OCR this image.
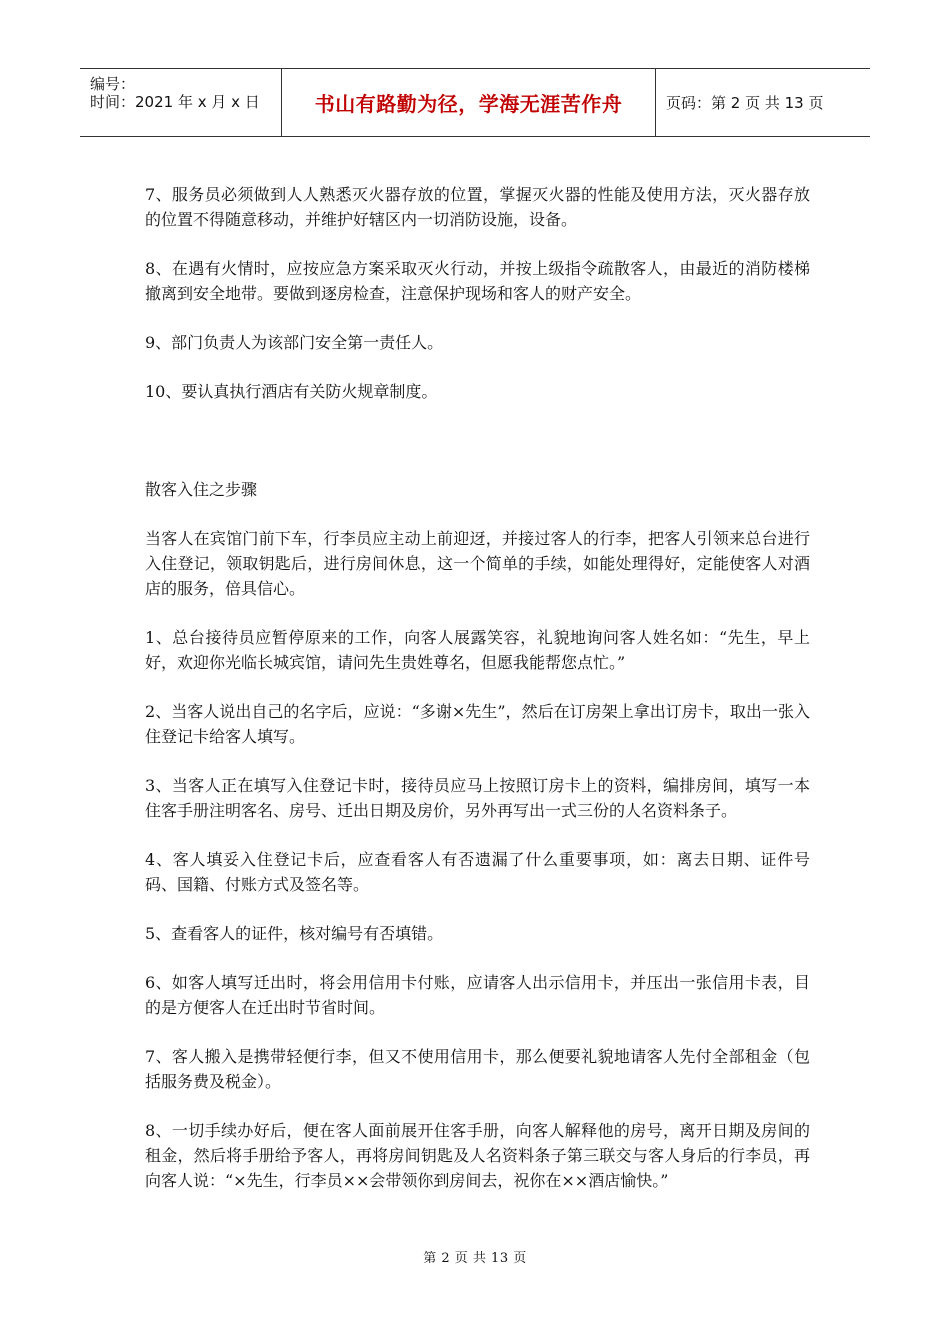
编号：
时间：2021 年 x 月 x 日	书山有路勤为径，学海无涯苦作舟	页码：第 2 页 共 13 页

7、服务员必须做到人人熟悉灭火器存放的位置，掌握灭火器的性能及使用方法，灭火器存放的位置不得随意移动，并维护好辖区内一切消防设施，设备。

8、在遇有火情时，应按应急方案采取灭火行动，并按上级指令疏散客人，由最近的消防楼梯撤离到安全地带。要做到逐房检查，注意保护现场和客人的财产安全。

9、部门负责人为该部门安全第一责任人。

10、要认真执行酒店有关防火规章制度。

散客入住之步骤

当客人在宾馆门前下车，行李员应主动上前迎迓，并接过客人的行李，把客人引领来总台进行入住登记，领取钥匙后，进行房间休息，这一个简单的手续，如能处理得好，定能使客人对酒店的服务，倍具信心。

1、总台接待员应暂停原来的工作，向客人展露笑容，礼貌地询问客人姓名如：“先生，早上好，欢迎你光临长城宾馆，请问先生贵姓尊名，但愿我能帮您点忙。”

2、当客人说出自己的名字后，应说：“多谢×先生”，然后在订房架上拿出订房卡，取出一张入住登记卡给客人填写。

3、当客人正在填写入住登记卡时，接待员应马上按照订房卡上的资料，编排房间，填写一本住客手册注明客名、房号、迁出日期及房价，另外再写出一式三份的人名资料条子。

4、客人填妥入住登记卡后，应查看客人有否遗漏了什么重要事项，如：离去日期、证件号码、国籍、付账方式及签名等。

5、查看客人的证件，核对编号有否填错。

6、如客人填写迁出时，将会用信用卡付账，应请客人出示信用卡，并压出一张信用卡表，目的是方便客人在迁出时节省时间。

7、客人搬入是携带轻便行李，但又不使用信用卡，那么便要礼貌地请客人先付全部租金（包括服务费及税金）。

8、一切手续办好后，便在客人面前展开住客手册，向客人解释他的房号，离开日期及房间的租金，然后将手册给予客人，再将房间钥匙及人名资料条子第三联交与客人身后的行李员，再向客人说：“×先生，行李员××会带领你到房间去，祝你在××酒店愉快。”

第 2 页 共 13 页
